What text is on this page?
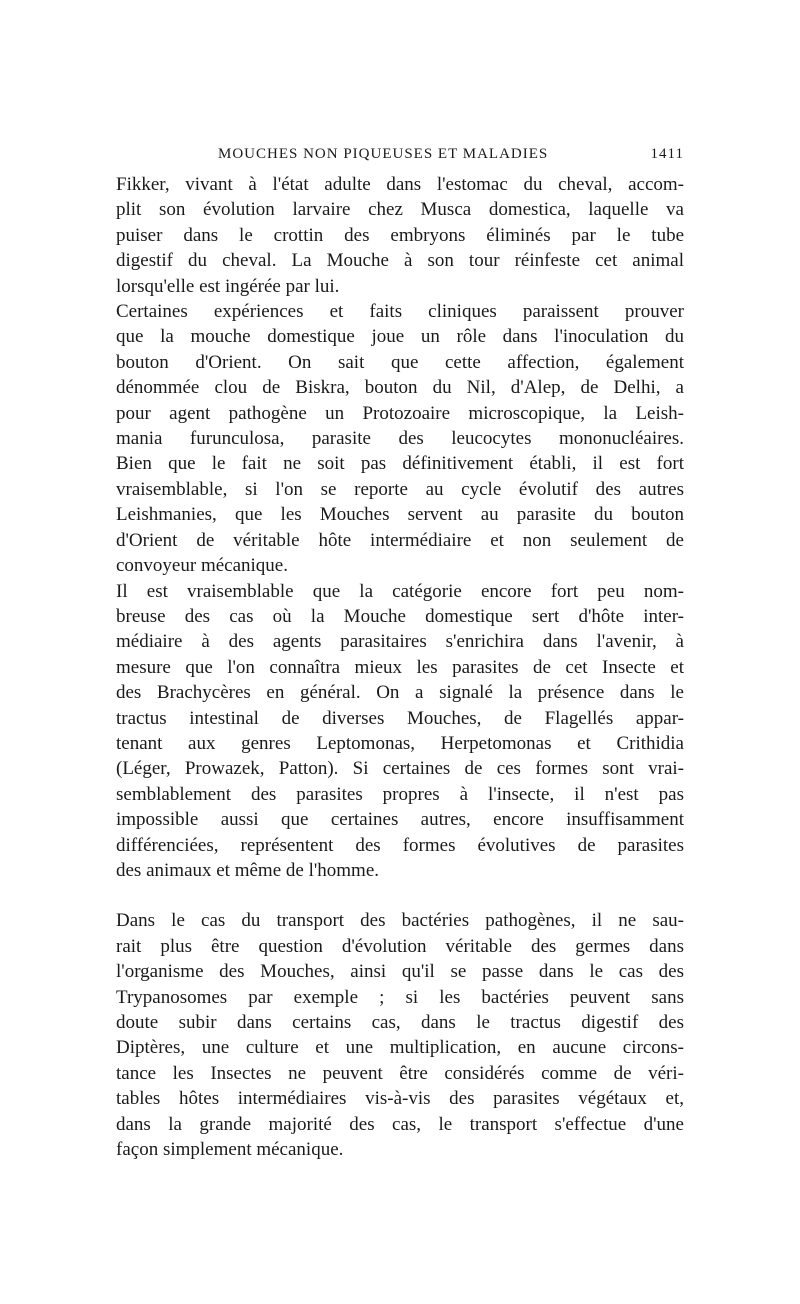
MOUCHES NON PIQUEUSES ET MALADIES	1411
Fikker, vivant à l'état adulte dans l'estomac du cheval, accom-
plit son évolution larvaire chez Musca domestica, laquelle va
puiser dans le crottin des embryons éliminés par le tube
digestif du cheval. La Mouche à son tour réinfeste cet animal
lorsqu'elle est ingérée par lui.
Certaines expériences et faits cliniques paraissent prouver
que la mouche domestique joue un rôle dans l'inoculation du
bouton d'Orient. On sait que cette affection, également
dénommée clou de Biskra, bouton du Nil, d'Alep, de Delhi, a
pour agent pathogène un Protozoaire microscopique, la Leish-
mania furunculosa, parasite des leucocytes mononucléaires.
Bien que le fait ne soit pas définitivement établi, il est fort
vraisemblable, si l'on se reporte au cycle évolutif des autres
Leishmanies, que les Mouches servent au parasite du bouton
d'Orient de véritable hôte intermédiaire et non seulement de
convoyeur mécanique.
Il est vraisemblable que la catégorie encore fort peu nom-
breuse des cas où la Mouche domestique sert d'hôte inter-
médiaire à des agents parasitaires s'enrichira dans l'avenir, à
mesure que l'on connaîtra mieux les parasites de cet Insecte et
des Brachycères en général. On a signalé la présence dans le
tractus intestinal de diverses Mouches, de Flagellés appar-
tenant aux genres Leptomonas, Herpetomonas et Crithidia
(Léger, Prowazek, Patton). Si certaines de ces formes sont vrai-
semblablement des parasites propres à l'insecte, il n'est pas
impossible aussi que certaines autres, encore insuffisamment
différenciées, représentent des formes évolutives de parasites
des animaux et même de l'homme.
Dans le cas du transport des bactéries pathogènes, il ne sau-
rait plus être question d'évolution véritable des germes dans
l'organisme des Mouches, ainsi qu'il se passe dans le cas des
Trypanosomes par exemple ; si les bactéries peuvent sans
doute subir dans certains cas, dans le tractus digestif des
Diptères, une culture et une multiplication, en aucune circons-
tance les Insectes ne peuvent être considérés comme de véri-
tables hôtes intermédiaires vis-à-vis des parasites végétaux et,
dans la grande majorité des cas, le transport s'effectue d'une
façon simplement mécanique.
